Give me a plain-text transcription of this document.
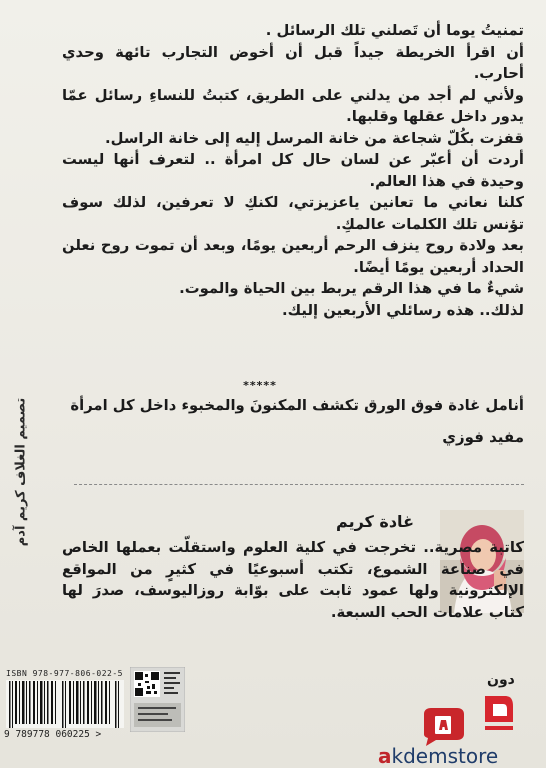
تمنيتُ يوما أن تَصلني تلك الرسائل .

أن اقرأ الخريطة جيداً قبل أن أخوض التجارب تائهة وحدي أحارب.

ولأني لم أجد من يدلني على الطريق، كتبتُ للنساءِ رسائل عمّا يدور داخل عقلها وقلبها.

قفزت بكُلّ شجاعة من خانة المرسل إليه إلى خانة الراسل.

أردت أن أعبّر عن لسان حال كل امرأة .. لتعرف أنها ليست وحيدة في هذا العالم.

كلنا نعاني ما تعانين ياعزيزتي، لكنكِ لا تعرفين، لذلك سوف تؤنس تلك الكلمات عالمكِ.

بعد ولادة روح ينزف الرحم أربعين يومًا، وبعد أن تموت روح نعلن الحداد أربعين يومًا أيضًا.

شيءٌ ما في هذا الرقم يربط بين الحياة والموت.

لذلك.. هذه رسائلي الأربعين إليك.

*****
أنامل غادة فوق الورق تكشف المكنونَ والمخبوء داخل كل امرأة
مفيد فوزي
تصميم الغلاف كريم آدم	غادة كريم
كاتبة مصرية.. تخرجت في كلية العلوم واستقلّت بعملها الخاص في صناعة الشموع، تكتب أسبوعيًا في كثيرٍ من المواقع الإلكترونية ولها عمود ثابت على بوّابة روزاليوسف، صدرَ لها كتاب علامات الحب السبعة.
ISBN 978-977-806-022-5
9 789778 060225 >
دون
akdemstore
